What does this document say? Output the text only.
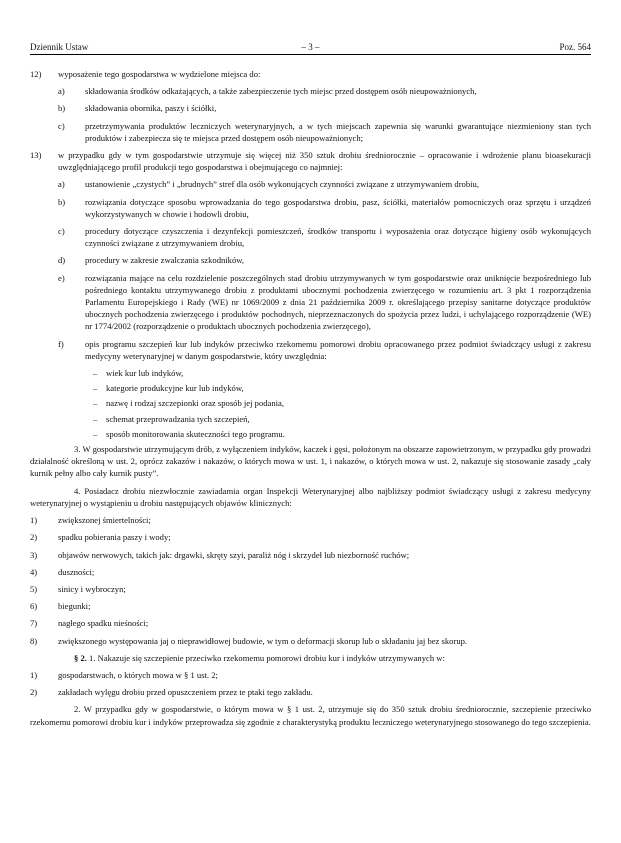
Dziennik Ustaw	– 3 –	Poz. 564
12) wyposażenie tego gospodarstwa w wydzielone miejsca do:
a) składowania środków odkażających, a także zabezpieczenie tych miejsc przed dostępem osób nieupoważnionych,
b) składowania obornika, paszy i ściółki,
c) przetrzymywania produktów leczniczych weterynaryjnych, a w tych miejscach zapewnia się warunki gwarantujące niezmieniony stan tych produktów i zabezpiecza się te miejsca przed dostępem osób nieupoważnionych;
13) w przypadku gdy w tym gospodarstwie utrzymuje się więcej niż 350 sztuk drobiu średniorocznie – opracowanie i wdrożenie planu bioasekuracji uwzględniającego profil produkcji tego gospodarstwa i obejmującego co najmniej:
a) ustanowienie „czystych” i „brudnych” stref dla osób wykonujących czynności związane z utrzymywaniem drobiu,
b) rozwiązania dotyczące sposobu wprowadzania do tego gospodarstwa drobiu, pasz, ściółki, materiałów pomocniczych oraz sprzętu i urządzeń wykorzystywanych w chowie i hodowli drobiu,
c) procedury dotyczące czyszczenia i dezynfekcji pomieszczeń, środków transportu i wyposażenia oraz dotyczące higieny osób wykonujących czynności związane z utrzymywaniem drobiu,
d) procedury w zakresie zwalczania szkodników,
e) rozwiązania mające na celu rozdzielenie poszczególnych stad drobiu utrzymywanych w tym gospodarstwie oraz uniknięcie bezpośredniego lub pośredniego kontaktu utrzymywanego drobiu z produktami ubocznymi pochodzenia zwierzęcego w rozumieniu art. 3 pkt 1 rozporządzenia Parlamentu Europejskiego i Rady (WE) nr 1069/2009 z dnia 21 października 2009 r. określającego przepisy sanitarne dotyczące produktów ubocznych pochodzenia zwierzęcego i produktów pochodnych, nieprzeznaczonych do spożycia przez ludzi, i uchylającego rozporządzenie (WE) nr 1774/2002 (rozporządzenie o produktach ubocznych pochodzenia zwierzęcego),
f) opis programu szczepień kur lub indyków przeciwko rzekomemu pomorowi drobiu opracowanego przez podmiot świadczący usługi z zakresu medycyny weterynaryjnej w danym gospodarstwie, który uwzględnia:
– wiek kur lub indyków,
– kategorie produkcyjne kur lub indyków,
– nazwę i rodzaj szczepionki oraz sposób jej podania,
– schemat przeprowadzania tych szczepień,
– sposób monitorowania skuteczności tego programu.
3. W gospodarstwie utrzymującym drób, z wyłączeniem indyków, kaczek i gęsi, położonym na obszarze zapowietrzonym, w przypadku gdy prowadzi działalność określoną w ust. 2, oprócz zakazów i nakazów, o których mowa w ust. 1, i nakazów, o których mowa w ust. 2, nakazuje się stosowanie zasady „cały kurnik pełny albo cały kurnik pusty”.
4. Posiadacz drobiu niezwłocznie zawiadamia organ Inspekcji Weterynaryjnej albo najbliższy podmiot świadczący usługi z zakresu medycyny weterynaryjnej o wystąpieniu u drobiu następujących objawów klinicznych:
1) zwiększonej śmiertelności;
2) spadku pobierania paszy i wody;
3) objawów nerwowych, takich jak: drgawki, skręty szyi, paraliż nóg i skrzydeł lub niezborność ruchów;
4) duszności;
5) sinicy i wybroczyn;
6) biegunki;
7) nagłego spadku nieśności;
8) zwiększonego występowania jaj o nieprawidłowej budowie, w tym o deformacji skorup lub o składaniu jaj bez skorup.
§ 2. 1. Nakazuje się szczepienie przeciwko rzekomemu pomorowi drobiu kur i indyków utrzymywanych w:
1) gospodarstwach, o których mowa w § 1 ust. 2;
2) zakładach wylęgu drobiu przed opuszczeniem przez te ptaki tego zakładu.
2. W przypadku gdy w gospodarstwie, o którym mowa w § 1 ust. 2, utrzymuje się do 350 sztuk drobiu średniorocznie, szczepienie przeciwko rzekomemu pomorowi drobiu kur i indyków przeprowadza się zgodnie z charakterystyką produktu leczniczego weterynaryjnego stosowanego do tego szczepienia.
